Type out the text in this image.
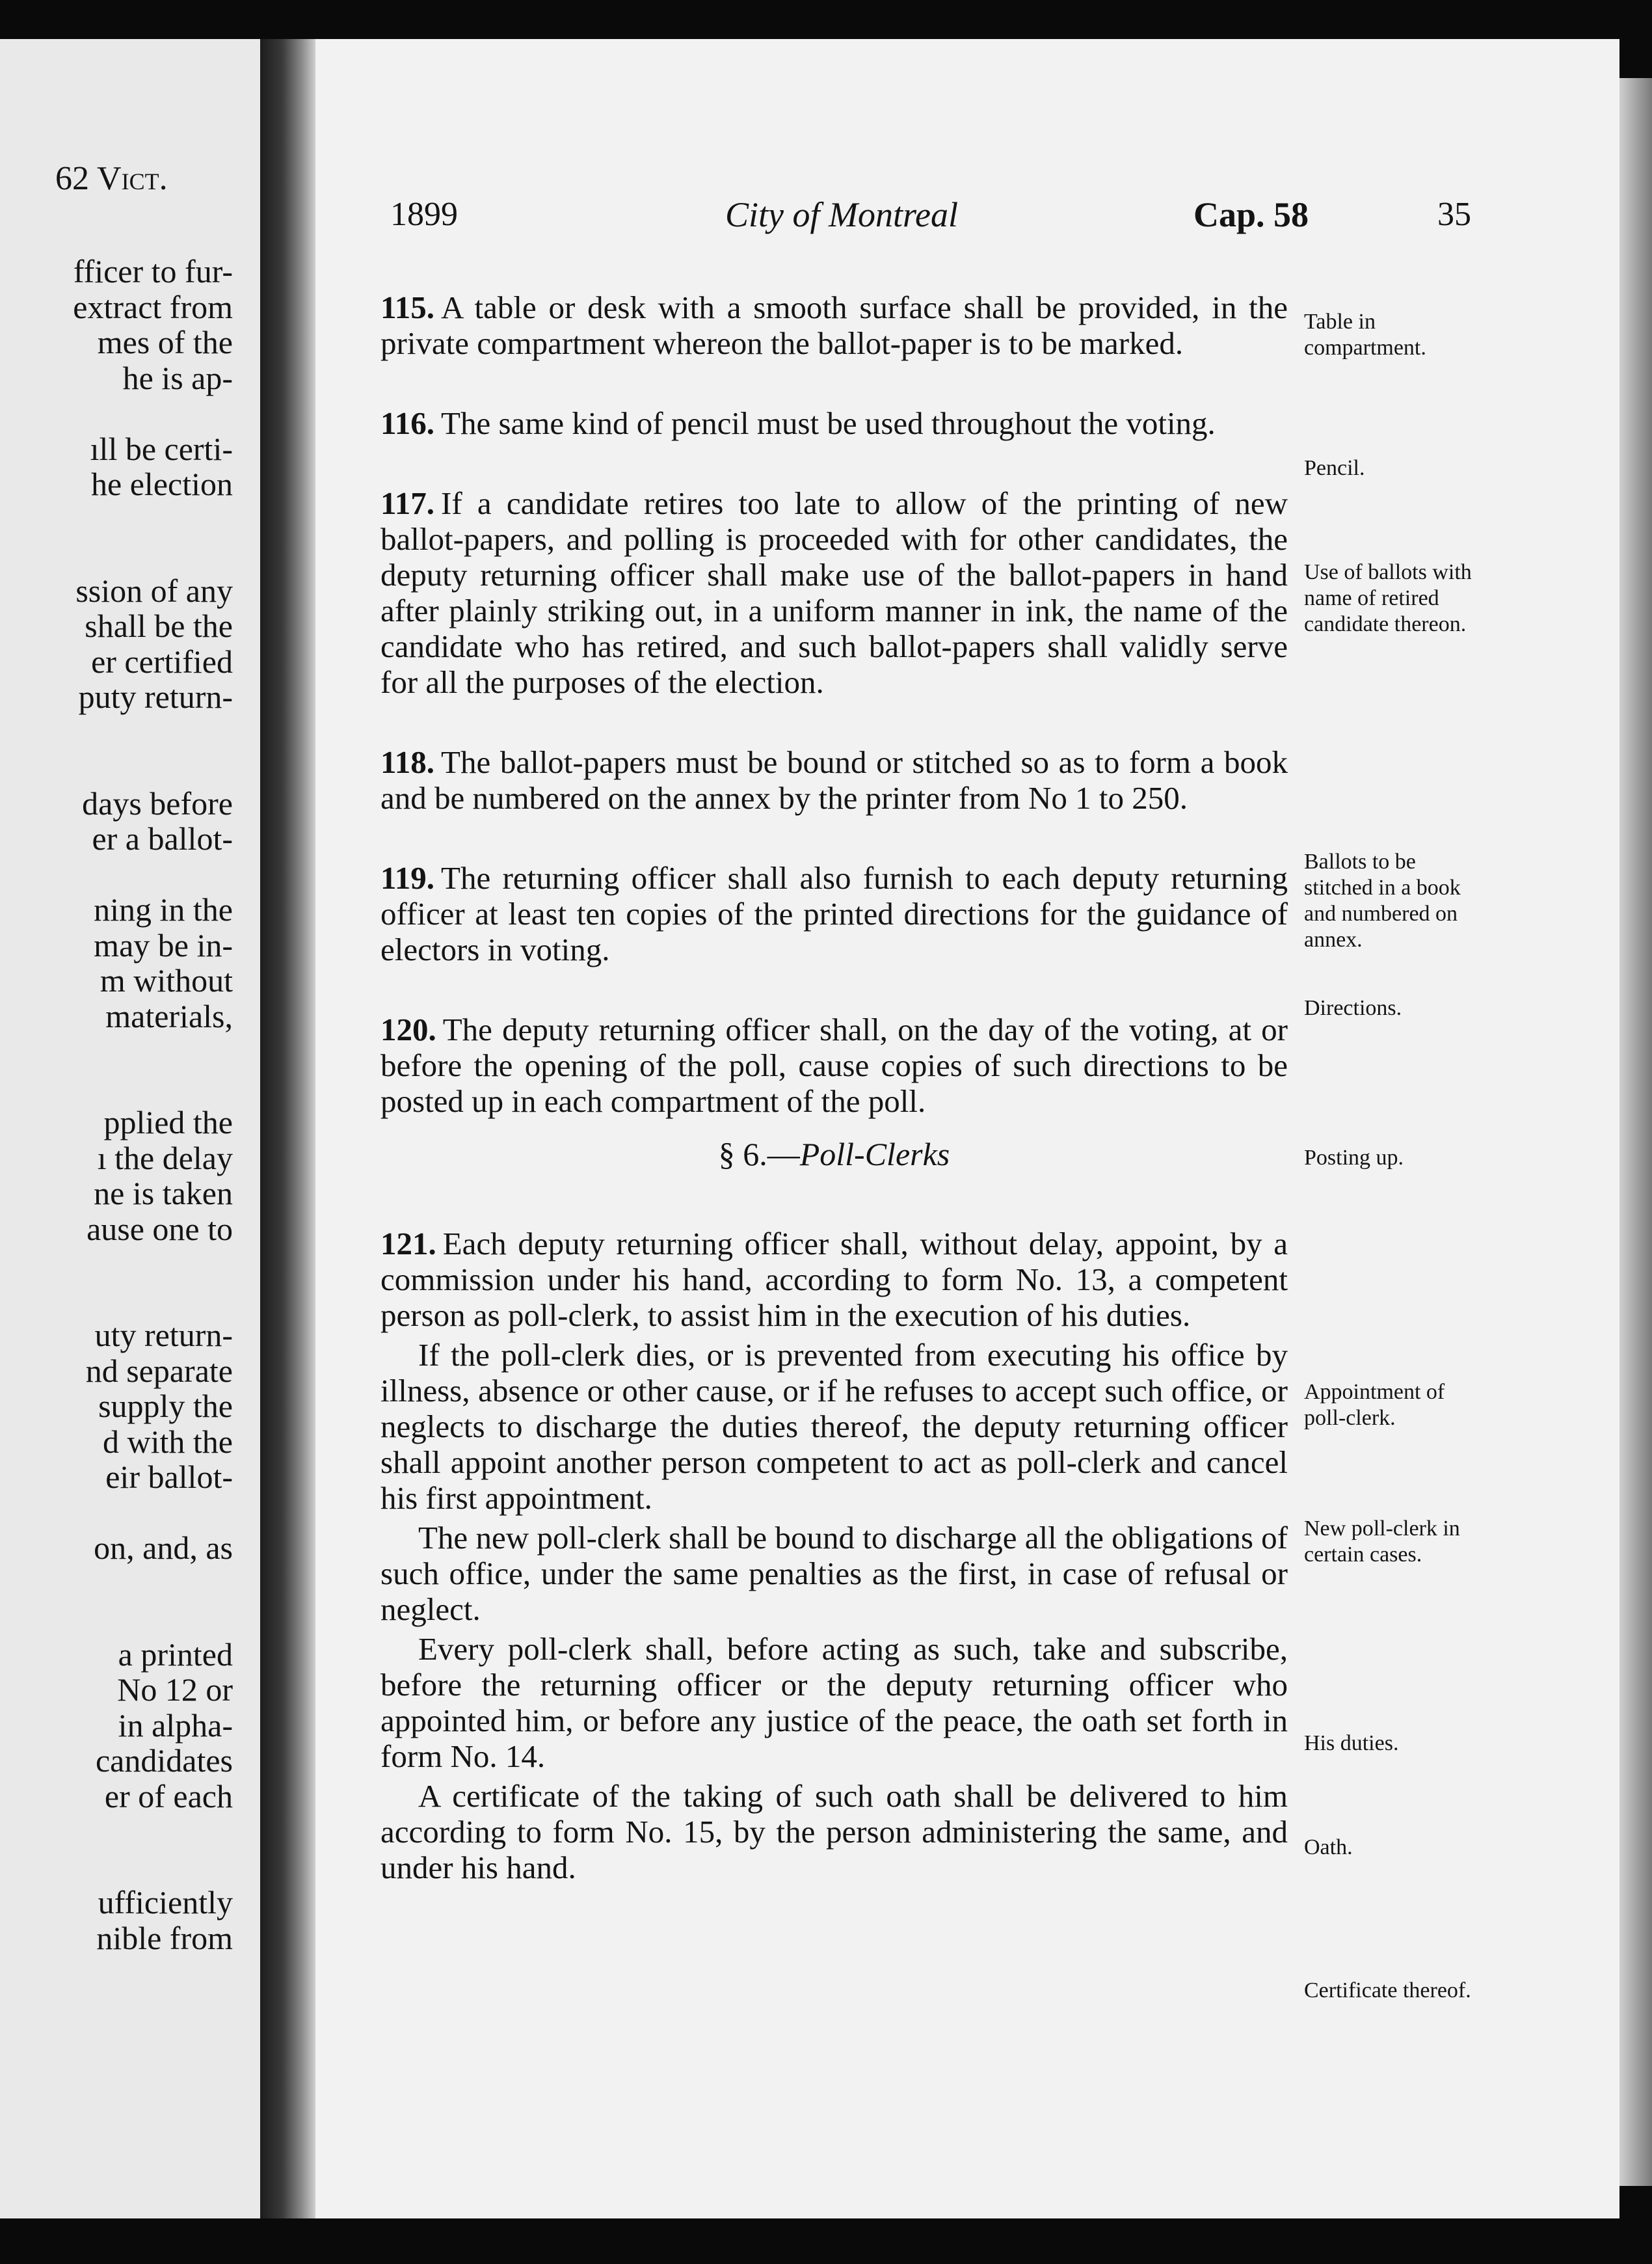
62 Vict.
fficer to fur-
extract from
mes of the
he is ap-
ıll be certi-
he election
ssion of any
shall be the
er certified
puty return-
days before
er a ballot-
ning in the
may be in-
m without
materials,
pplied the
ı the delay
ne is taken
ause one to
uty return-
nd separate
supply the
d with the
eir ballot-
on, and, as
a printed
No 12 or
in alpha-
candidates
er of each
ufficiently
nible from
1899	City of Montreal	Cap. 58	35

115. A table or desk with a smooth surface shall be provided, in the private compartment whereon the ballot-paper is to be marked.

116. The same kind of pencil must be used throughout the voting.

117. If a candidate retires too late to allow of the printing of new ballot-papers, and polling is proceeded with for other candidates, the deputy returning officer shall make use of the ballot-papers in hand after plainly striking out, in a uniform manner in ink, the name of the candidate who has retired, and such ballot-papers shall validly serve for all the purposes of the election.

118. The ballot-papers must be bound or stitched so as to form a book and be numbered on the annex by the printer from No 1 to 250.

119. The returning officer shall also furnish to each deputy returning officer at least ten copies of the printed directions for the guidance of electors in voting.

120. The deputy returning officer shall, on the day of the voting, at or before the opening of the poll, cause copies of such directions to be posted up in each compartment of the poll.

§ 6.—Poll-Clerks

121. Each deputy returning officer shall, without delay, appoint, by a commission under his hand, according to form No. 13, a competent person as poll-clerk, to assist him in the execution of his duties.

If the poll-clerk dies, or is prevented from executing his office by illness, absence or other cause, or if he refuses to accept such office, or neglects to discharge the duties thereof, the deputy returning officer shall appoint another person competent to act as poll-clerk and cancel his first appointment.

The new poll-clerk shall be bound to discharge all the obligations of such office, under the same penalties as the first, in case of refusal or neglect.

Every poll-clerk shall, before acting as such, take and subscribe, before the returning officer or the deputy returning officer who appointed him, or before any justice of the peace, the oath set forth in form No. 14.

A certificate of the taking of such oath shall be delivered to him according to form No. 15, by the person administering the same, and under his hand.

Table in compartment.
Pencil.
Use of ballots with name of retired candidate thereon.
Ballots to be stitched in a book and numbered on annex.
Directions.
Posting up.
Appointment of poll-clerk.
New poll-clerk in certain cases.
His duties.
Oath.
Certificate thereof.
